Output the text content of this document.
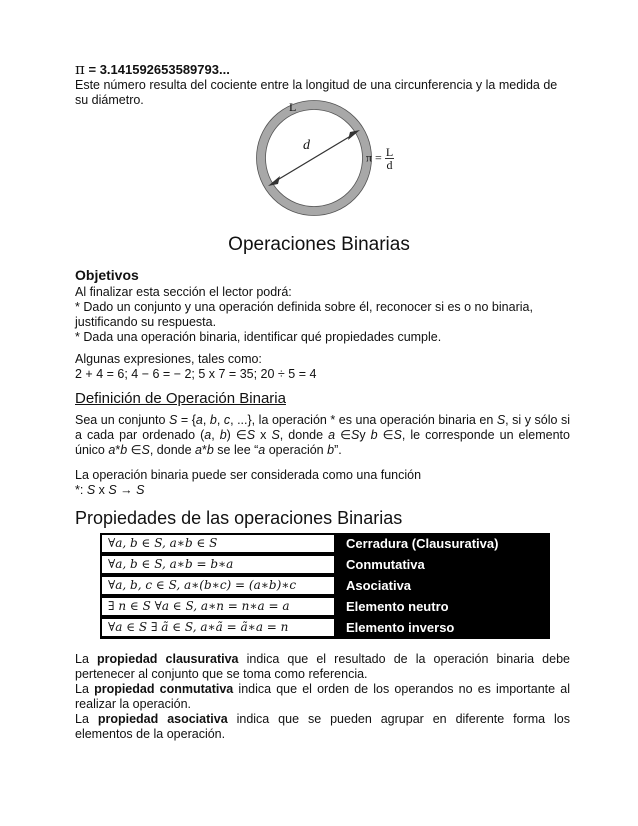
π = 3.141592653589793...
Este número resulta del cociente entre la longitud de una circunferencia y la medida de su diámetro.	L
d
$\pi = \frac{L}{d}$
Operaciones Binarias
Objetivos
Al finalizar esta sección el lector podrá:
* Dado un conjunto y una operación definida sobre él, reconocer si es o no binaria, justificando su respuesta.
* Dada una operación binaria, identificar qué propiedades cumple.
Algunas expresiones, tales como:
2 + 4 = 6; 4 − 6 = − 2; 5 x 7 = 35; 20 ÷ 5 = 4
Definición de Operación Binaria
Sea un conjunto S = {a, b, c, ...}, la operación * es una operación binaria en S, si y sólo si a cada par ordenado (a, b) ∈S x S, donde a ∈Sy b ∈S, le corresponde un elemento único a*b ∈S, donde a*b se lee “a operación b”.
La operación binaria puede ser considerada como una función
*: S x S → S
Propiedades de las operaciones Binarias
∀a, b ∈ S, a∗b ∈ S	Cerradura (Clausurativa)
∀a, b ∈ S, a∗b = b∗a	Conmutativa
∀a, b, c ∈ S, a∗(b∗c) = (a∗b)∗c	Asociativa
∃ n ∈ S ∀a ∈ S, a∗n = n∗a = a	Elemento neutro
∀a ∈ S ∃ ã ∈ S, a∗ã = ã∗a = n	Elemento inverso
La propiedad clausurativa indica que el resultado de la operación binaria debe pertenecer al conjunto que se toma como referencia.
La propiedad conmutativa indica que el orden de los operandos no es importante al realizar la operación.
La propiedad asociativa indica que se pueden agrupar en diferente forma los elementos de la operación.
